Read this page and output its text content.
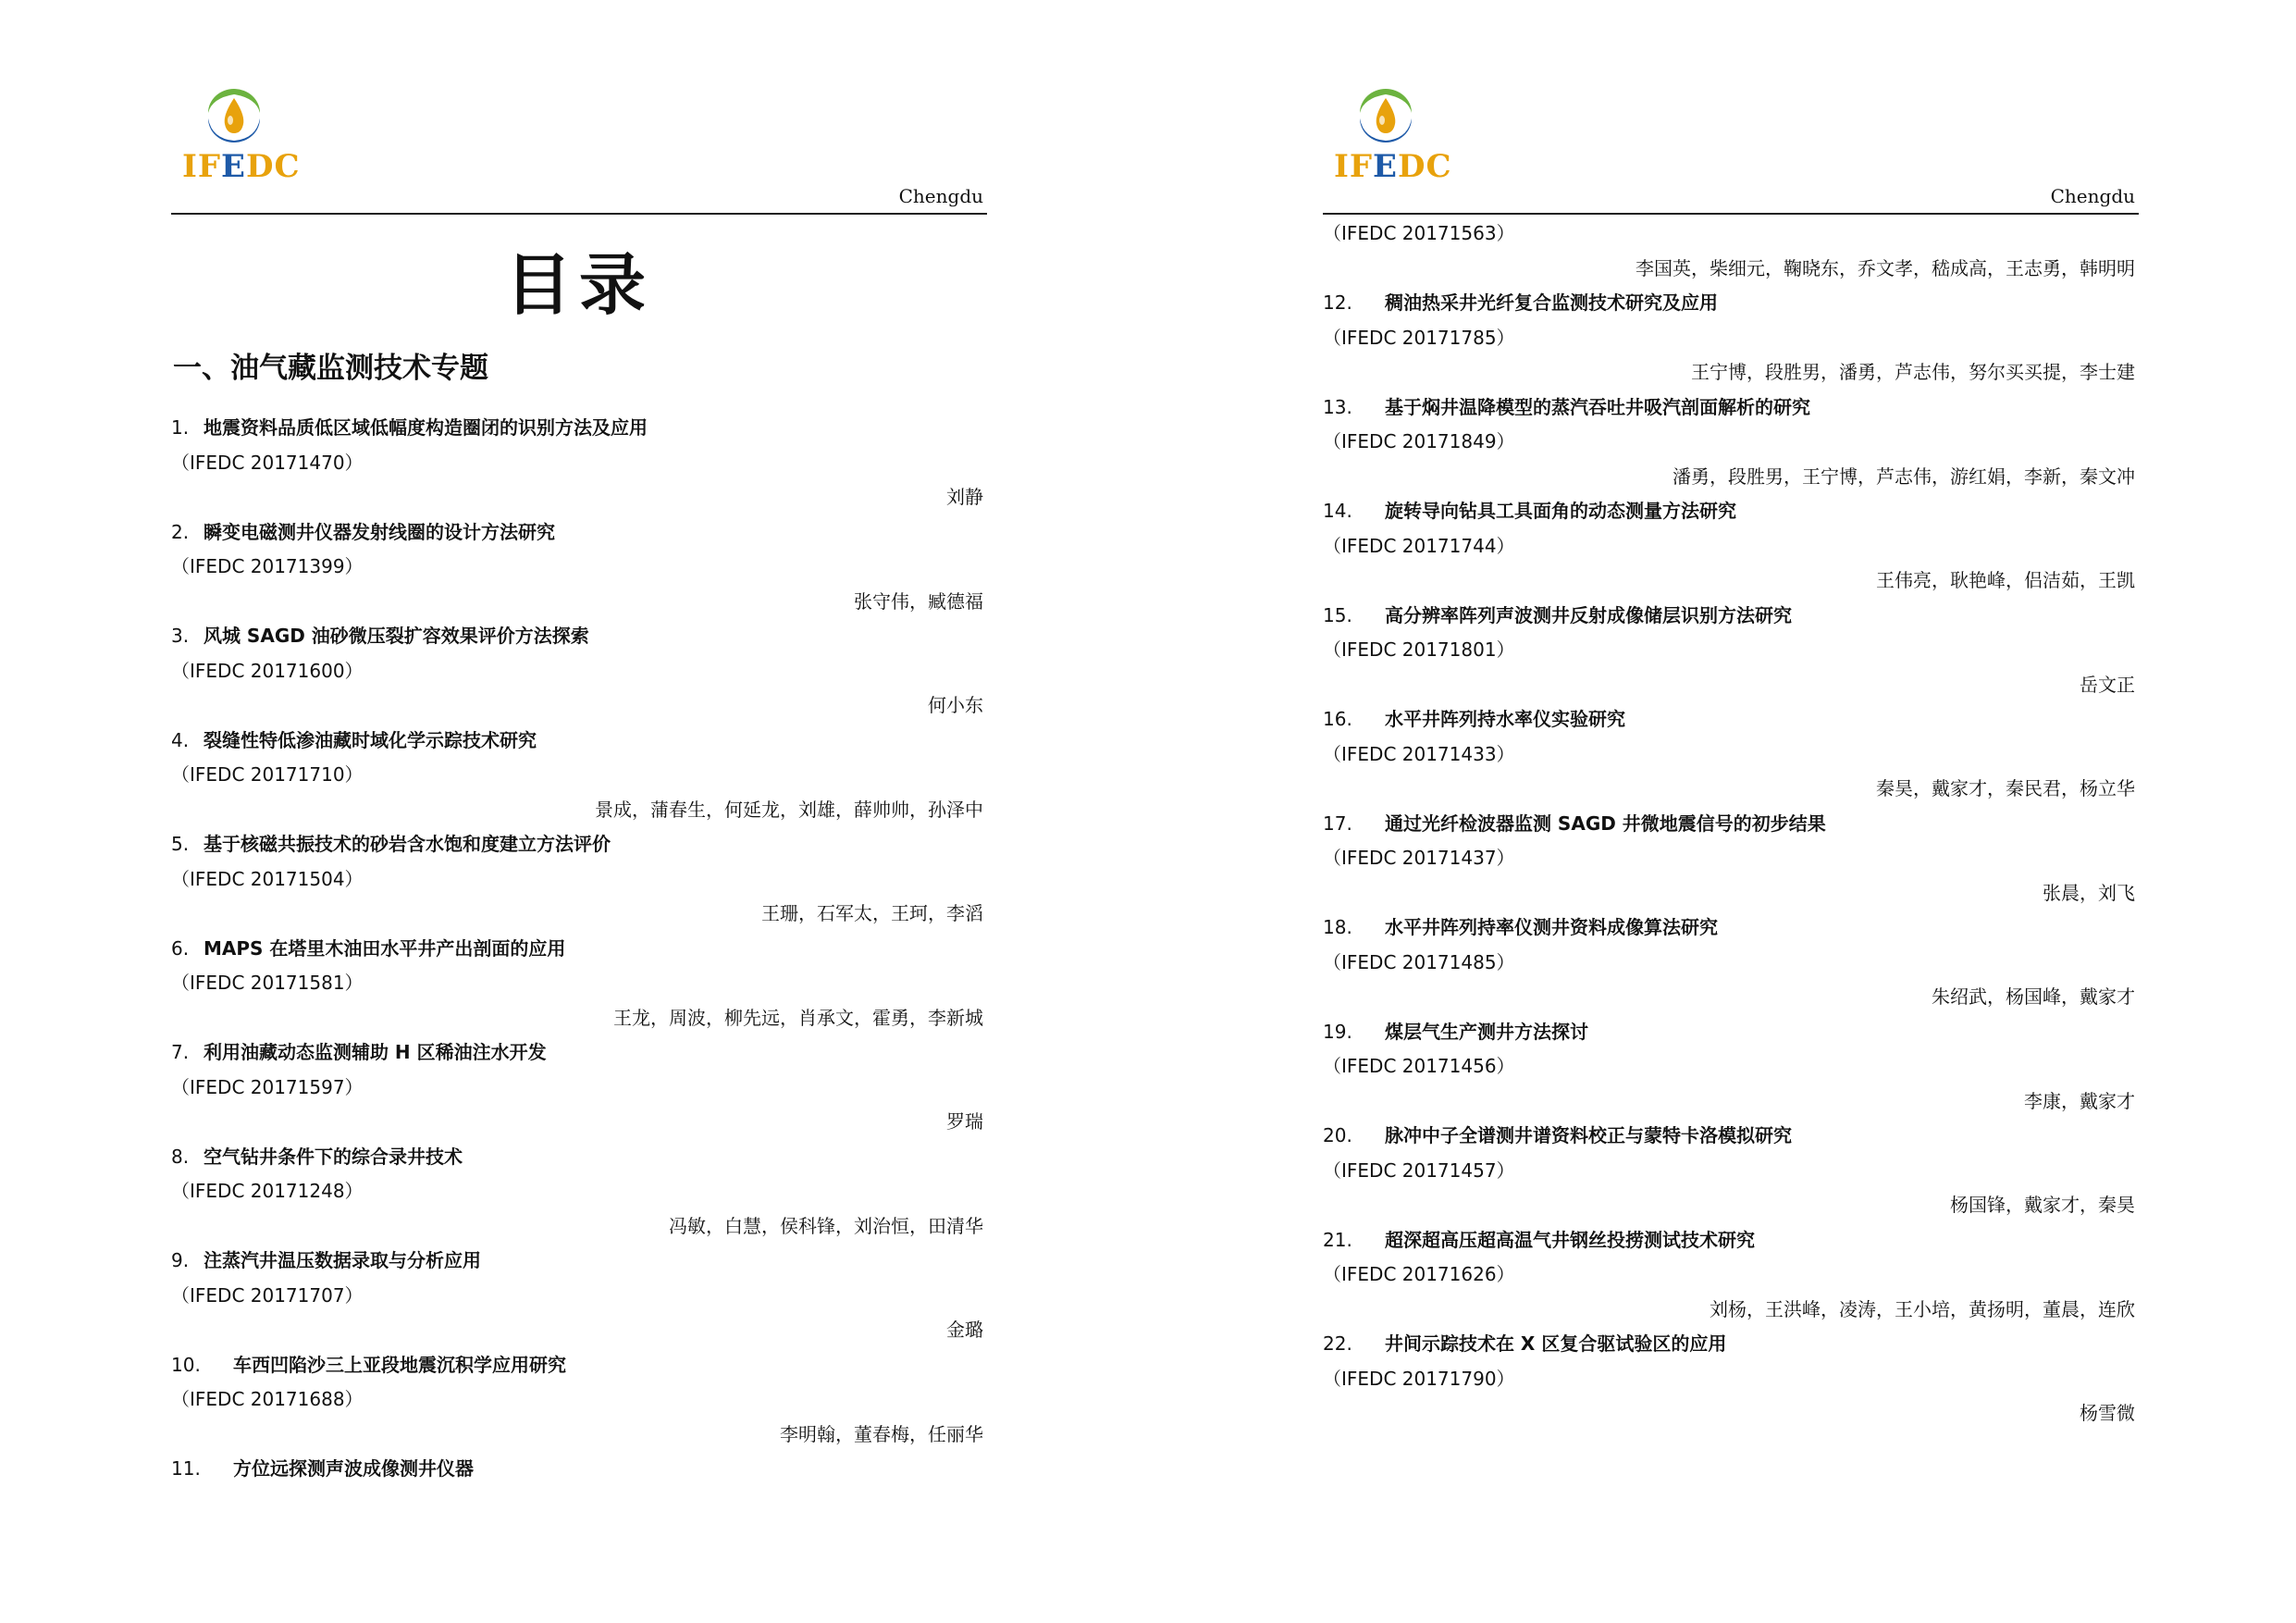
IFEDC
Chengdu
目录
一、油气藏监测技术专题
1. 地震资料品质低区域低幅度构造圈闭的识别方法及应用
（IFEDC 20171470）
刘静
2. 瞬变电磁测井仪器发射线圈的设计方法研究
（IFEDC 20171399）
张守伟，臧德福
3. 风城 SAGD 油砂微压裂扩容效果评价方法探索
（IFEDC 20171600）
何小东
4. 裂缝性特低渗油藏时域化学示踪技术研究
（IFEDC 20171710）
景成，蒲春生，何延龙，刘雄，薛帅帅，孙泽中
5. 基于核磁共振技术的砂岩含水饱和度建立方法评价
（IFEDC 20171504）
王珊，石军太，王珂，李滔
6. MAPS 在塔里木油田水平井产出剖面的应用
（IFEDC 20171581）
王龙，周波，柳先远，肖承文，霍勇，李新城
7. 利用油藏动态监测辅助 H 区稀油注水开发
（IFEDC 20171597）
罗瑞
8. 空气钻井条件下的综合录井技术
（IFEDC 20171248）
冯敏，白慧，侯科锋，刘治恒，田清华
9. 注蒸汽井温压数据录取与分析应用
（IFEDC 20171707）
金璐
10. 车西凹陷沙三上亚段地震沉积学应用研究
（IFEDC 20171688）
李明翰，董春梅，任丽华
11. 方位远探测声波成像测井仪器
IFEDC
Chengdu
（IFEDC 20171563）
李国英，柴细元，鞠晓东，乔文孝，嵇成高，王志勇，韩明明
12. 稠油热采井光纤复合监测技术研究及应用
（IFEDC 20171785）
王宁博，段胜男，潘勇，芦志伟，努尔买买提，李士建
13. 基于焖井温降模型的蒸汽吞吐井吸汽剖面解析的研究
（IFEDC 20171849）
潘勇，段胜男，王宁博，芦志伟，游红娟，李新，秦文冲
14. 旋转导向钻具工具面角的动态测量方法研究
（IFEDC 20171744）
王伟亮，耿艳峰，侣洁茹，王凯
15. 高分辨率阵列声波测井反射成像储层识别方法研究
（IFEDC 20171801）
岳文正
16. 水平井阵列持水率仪实验研究
（IFEDC 20171433）
秦昊，戴家才，秦民君，杨立华
17. 通过光纤检波器监测 SAGD 井微地震信号的初步结果
（IFEDC 20171437）
张晨，刘飞
18. 水平井阵列持率仪测井资料成像算法研究
（IFEDC 20171485）
朱绍武，杨国峰，戴家才
19. 煤层气生产测井方法探讨
（IFEDC 20171456）
李康，戴家才
20. 脉冲中子全谱测井谱资料校正与蒙特卡洛模拟研究
（IFEDC 20171457）
杨国锋，戴家才，秦昊
21. 超深超高压超高温气井钢丝投捞测试技术研究
（IFEDC 20171626）
刘杨，王洪峰，凌涛，王小培，黄扬明，董晨，连欣
22. 井间示踪技术在 X 区复合驱试验区的应用
（IFEDC 20171790）
杨雪微
